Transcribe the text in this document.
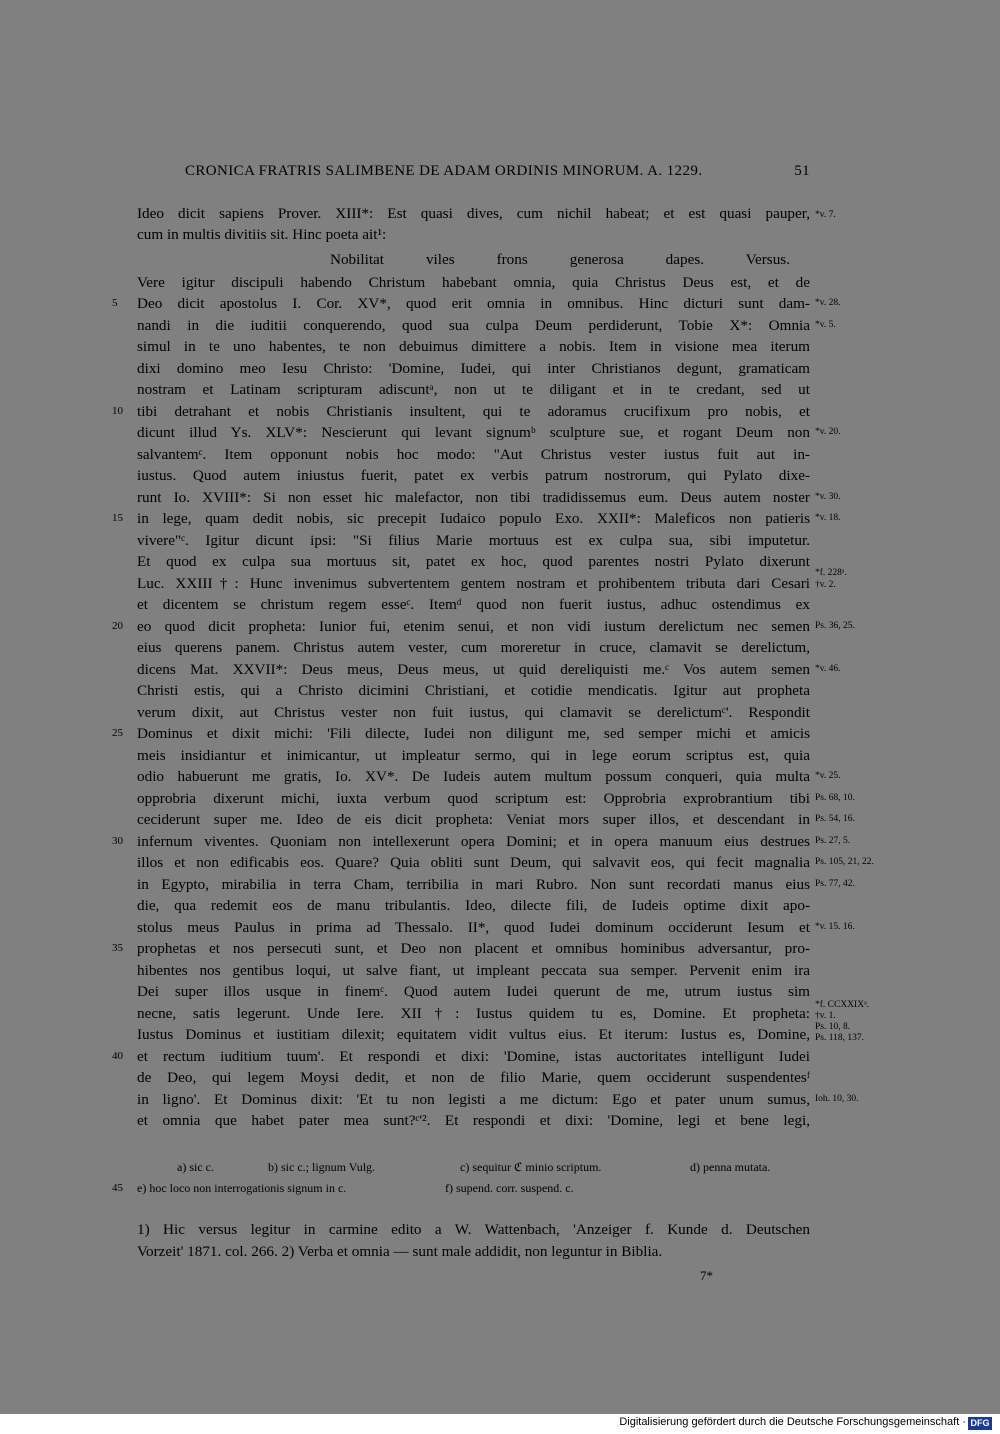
CRONICA FRATRIS SALIMBENE DE ADAM ORDINIS MINORUM. A. 1229.	51
Ideo dicit sapiens Prover. XIII*: Est quasi dives, cum nichil habeat; et est quasi pauper,
cum in multis divitiis sit. Hinc poeta ait¹:
Nobilitat viles frons generosa dapes. Versus.
Vere igitur discipuli habendo Christum habebant omnia, quia Christus Deus est, et de
Deo dicit apostolus I. Cor. XV*, quod erit omnia in omnibus. Hinc dicturi sunt dam-
nandi in die iuditii conquerendo, quod sua culpa Deum perdiderunt, Tobie X*: Omnia
simul in te uno habentes, te non debuimus dimittere a nobis. Item in visione mea iterum
dixi domino meo Iesu Christo: 'Domine, Iudei, qui inter Christianos degunt, gramaticam
nostram et Latinam scripturam adiscuntᵃ, non ut te diligant et in te credant, sed ut
tibi detrahant et nobis Christianis insultent, qui te adoramus crucifixum pro nobis, et
dicunt illud Ys. XLV*: Nescierunt qui levant signumᵇ sculpture sue, et rogant Deum non
salvantemᶜ. Item opponunt nobis hoc modo: "Aut Christus vester iustus fuit aut in-
iustus. Quod autem iniustus fuerit, patet ex verbis patrum nostrorum, qui Pylato dixe-
runt Io. XVIII*: Si non esset hic malefactor, non tibi tradidissemus eum. Deus autem noster
in lege, quam dedit nobis, sic precepit Iudaico populo Exo. XXII*: Maleficos non patieris
vivere"ᶜ. Igitur dicunt ipsi: "Si filius Marie mortuus est ex culpa sua, sibi imputetur.
Et quod ex culpa sua mortuus sit, patet ex hoc, quod parentes nostri Pylato dixerunt
Luc. XXIII†: Hunc invenimus subvertentem gentem nostram et prohibentem tributa dari Cesari
et dicentem se christum regem esseᶜ. Itemᵈ quod non fuerit iustus, adhuc ostendimus ex
eo quod dicit propheta: Iunior fui, etenim senui, et non vidi iustum derelictum nec semen
eius querens panem. Christus autem vester, cum moreretur in cruce, clamavit se derelictum,
dicens Mat. XXVII*: Deus meus, Deus meus, ut quid dereliquisti me.ᶜ Vos autem semen
Christi estis, qui a Christo dicimini Christiani, et cotidie mendicatis. Igitur aut propheta
verum dixit, aut Christus vester non fuit iustus, qui clamavit se derelictumᶜ'. Respondit
Dominus et dixit michi: 'Fili dilecte, Iudei non diligunt me, sed semper michi et amicis
meis insidiantur et inimicantur, ut impleatur sermo, qui in lege eorum scriptus est, quia
odio habuerunt me gratis, Io. XV*. De Iudeis autem multum possum conqueri, quia multa
opprobria dixerunt michi, iuxta verbum quod scriptum est: Opprobria exprobrantium tibi
ceciderunt super me. Ideo de eis dicit propheta: Veniat mors super illos, et descendant in
infernum viventes. Quoniam non intellexerunt opera Domini; et in opera manuum eius destrues
illos et non edificabis eos. Quare? Quia obliti sunt Deum, qui salvavit eos, qui fecit magnalia
in Egypto, mirabilia in terra Cham, terribilia in mari Rubro. Non sunt recordati manus eius
die, qua redemit eos de manu tribulantis. Ideo, dilecte fili, de Iudeis optime dixit apo-
stolus meus Paulus in prima ad Thessalo. II*, quod Iudei dominum occiderunt Iesum et
prophetas et nos persecuti sunt, et Deo non placent et omnibus hominibus adversantur, pro-
hibentes nos gentibus loqui, ut salve fiant, ut impleant peccata sua semper. Pervenit enim ira
Dei super illos usque in finemᶜ. Quod autem Iudei querunt de me, utrum iustus sim
necne, satis legerunt. Unde Iere. XII†: Iustus quidem tu es, Domine. Et propheta:
Iustus Dominus et iustitiam dilexit; equitatem vidit vultus eius. Et iterum: Iustus es, Domine,
et rectum iuditium tuum'. Et respondi et dixi: 'Domine, istas auctoritates intelligunt Iudei
de Deo, qui legem Moysi dedit, et non de filio Marie, quem occiderunt suspendentesᶠ
in ligno'. Et Dominus dixit: 'Et tu non legisti a me dictum: Ego et pater unum sumus,
et omnia que habet pater mea sunt?ᶜ'². Et respondi et dixi: 'Domine, legi et bene legi,
5
10
15
20
25
30
35
40
*v. 7.
*v. 28.
*v. 5.
*v. 20.
*v. 30.
*v. 18.
*f. 228ᵃ.
†v. 2.
Ps. 36, 25.
*v. 46.
*v. 25.
Ps. 68, 10.
Ps. 54, 16.
Ps. 27, 5.
Ps. 105, 21, 22.
Ps. 77, 42.
*v. 15. 16.
*f. CCXXIXᵃ.
†v. 1.
Ps. 10, 8.
Ps. 118, 137.
Ioh. 10, 30.
a) sic c.	b) sic c.; lignum Vulg.	c) sequitur ℭ minio scriptum.	d) penna mutata.
45 e) hoc loco non interrogationis signum in c.	f) supend. corr. suspend. c.
1) Hic versus legitur in carmine edito a W. Wattenbach, 'Anzeiger f. Kunde d. Deutschen
Vorzeit' 1871. col. 266. 2) Verba et omnia — sunt male addidit, non leguntur in Biblia.
7*
Digitalisierung gefördert durch die Deutsche Forschungsgemeinschaft · DFG
